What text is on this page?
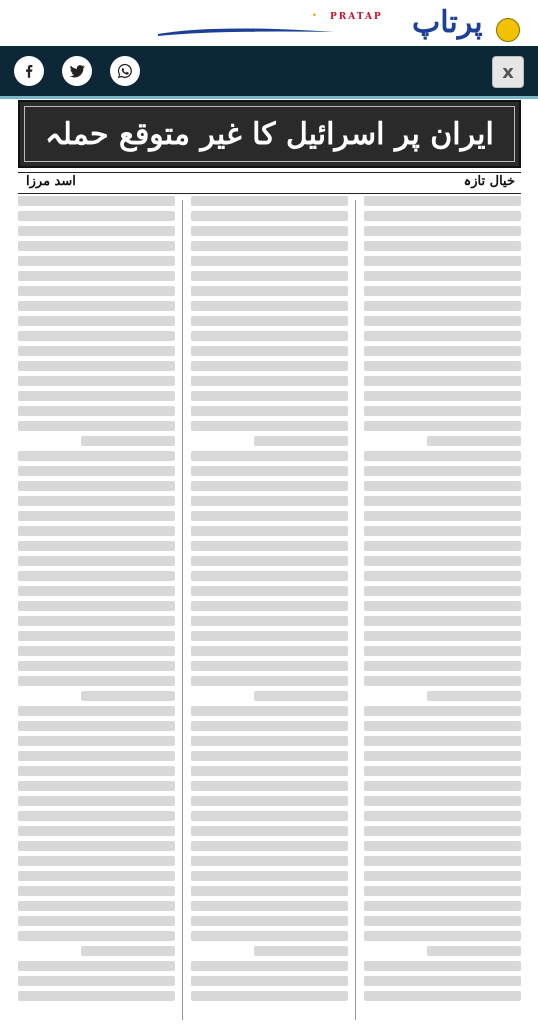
✦ PRATAP پرتاپ
x
ایران پر اسرائیل کا غیر متوقع حملہ
خیال تازہ
اسد مرزا
